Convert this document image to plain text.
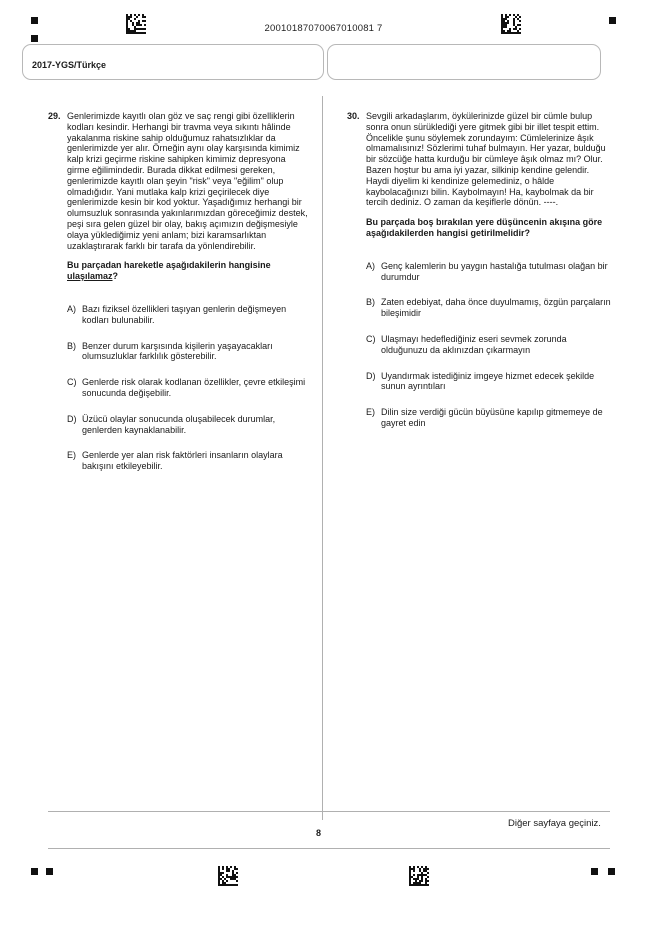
20010187070067010081 7
2017-YGS/Türkçe
29. Genlerimizde kayıtlı olan göz ve saç rengi gibi özelliklerin kodları kesindir. Herhangi bir travma veya sıkıntı hâlinde yakalanma riskine sahip olduğumuz rahatsızlıklar da genlerimizde yer alır. Örneğin aynı olay karşısında kimimiz kalp krizi geçirme riskine sahipken kimimiz depresyona girme eğilimindedir. Burada dikkat edilmesi gereken, genlerimizde kayıtlı olan şeyin "risk" veya "eğilim" olup olmadığıdır. Yani mutlaka kalp krizi geçirilecek diye genlerimizde kesin bir kod yoktur. Yaşadığımız herhangi bir olumsuzluk sonrasında yakınlarımızdan göreceğimiz destek, peşi sıra gelen güzel bir olay, bakış açımızın değişmesiyle olaya yüklediğimiz yeni anlam; bizi karamsarlıktan uzaklaştırarak farklı bir tarafa da yönlendirebilir.

Bu parçadan hareketle aşağıdakilerin hangisine ulaşılamaz?

A) Bazı fiziksel özellikleri taşıyan genlerin değişmeyen kodları bulunabilir.
B) Benzer durum karşısında kişilerin yaşayacakları olumsuzluklar farklılık gösterebilir.
C) Genlerde risk olarak kodlanan özellikler, çevre etkileşimi sonucunda değişebilir.
D) Üzücü olaylar sonucunda oluşabilecek durumlar, genlerden kaynaklanabilir.
E) Genlerde yer alan risk faktörleri insanların olaylara bakışını etkileyebilir.
30. Sevgili arkadaşlarım, öykülerinizde güzel bir cümle bulup sonra onun sürüklediği yere gitmek gibi bir illet tespit ettim. Öncelikle şunu söylemek zorundayım: Cümlelerinize âşık olmamalısınız! Sözlerimi tuhaf bulmayın. Her yazar, bulduğu bir sözcüğe hatta kurduğu bir cümleye âşık olmaz mı? Olur. Bazen hoştur bu ama iyi yazar, silkinip kendine gelendir. Haydi diyelim ki kendinize gelemediniz, o hâlde kaybolacağınızı bilin. Kaybolmayın! Ha, kaybolmak da bir tercih dediniz. O zaman da keşiflerle dönün. ----.

Bu parçada boş bırakılan yere düşüncenin akışına göre aşağıdakilerden hangisi getirilmelidir?

A) Genç kalemlerin bu yaygın hastalığa tutulması olağan bir durumdur
B) Zaten edebiyat, daha önce duyulmamış, özgün parçaların bileşimidir
C) Ulaşmayı hedeflediğiniz eseri sevmek zorunda olduğunuzu da aklınızdan çıkarmayın
D) Uyandırmak istediğiniz imgeye hizmet edecek şekilde sunun ayrıntıları
E) Dilin size verdiği gücün büyüsüne kapılıp gitmemeye de gayret edin
Diğer sayfaya geçiniz.
8
